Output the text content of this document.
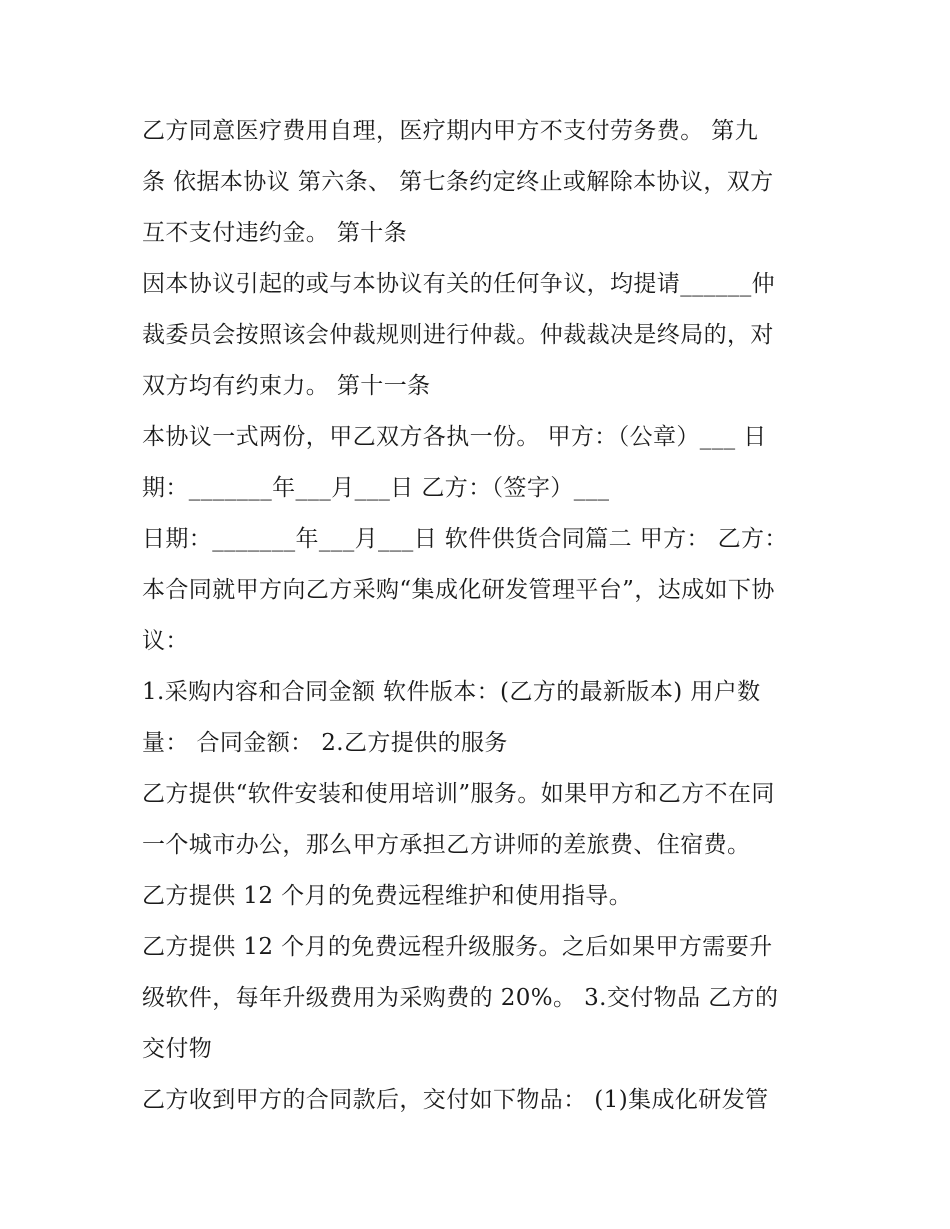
乙方同意医疗费用自理，医疗期内甲方不支付劳务费。 第九
条 依据本协议 第六条、 第七条约定终止或解除本协议，双方
互不支付违约金。 第十条
因本协议引起的或与本协议有关的任何争议，均提请______仲
裁委员会按照该会仲裁规则进行仲裁。仲裁裁决是终局的，对
双方均有约束力。 第十一条
本协议一式两份，甲乙双方各执一份。 甲方：（公章）___ 日
期：_______年___月___日 乙方：（签字）___
日期：_______年___月___日 软件供货合同篇二 甲方： 乙方：
本合同就甲方向乙方采购“集成化研发管理平台”，达成如下协
议：
1.采购内容和合同金额 软件版本：(乙方的最新版本) 用户数
量： 合同金额： 2.乙方提供的服务
乙方提供“软件安装和使用培训”服务。如果甲方和乙方不在同
一个城市办公，那么甲方承担乙方讲师的差旅费、住宿费。
乙方提供 12 个月的免费远程维护和使用指导。
乙方提供 12 个月的免费远程升级服务。之后如果甲方需要升
级软件，每年升级费用为采购费的 20%。 3.交付物品 乙方的
交付物
乙方收到甲方的合同款后，交付如下物品： (1)集成化研发管
